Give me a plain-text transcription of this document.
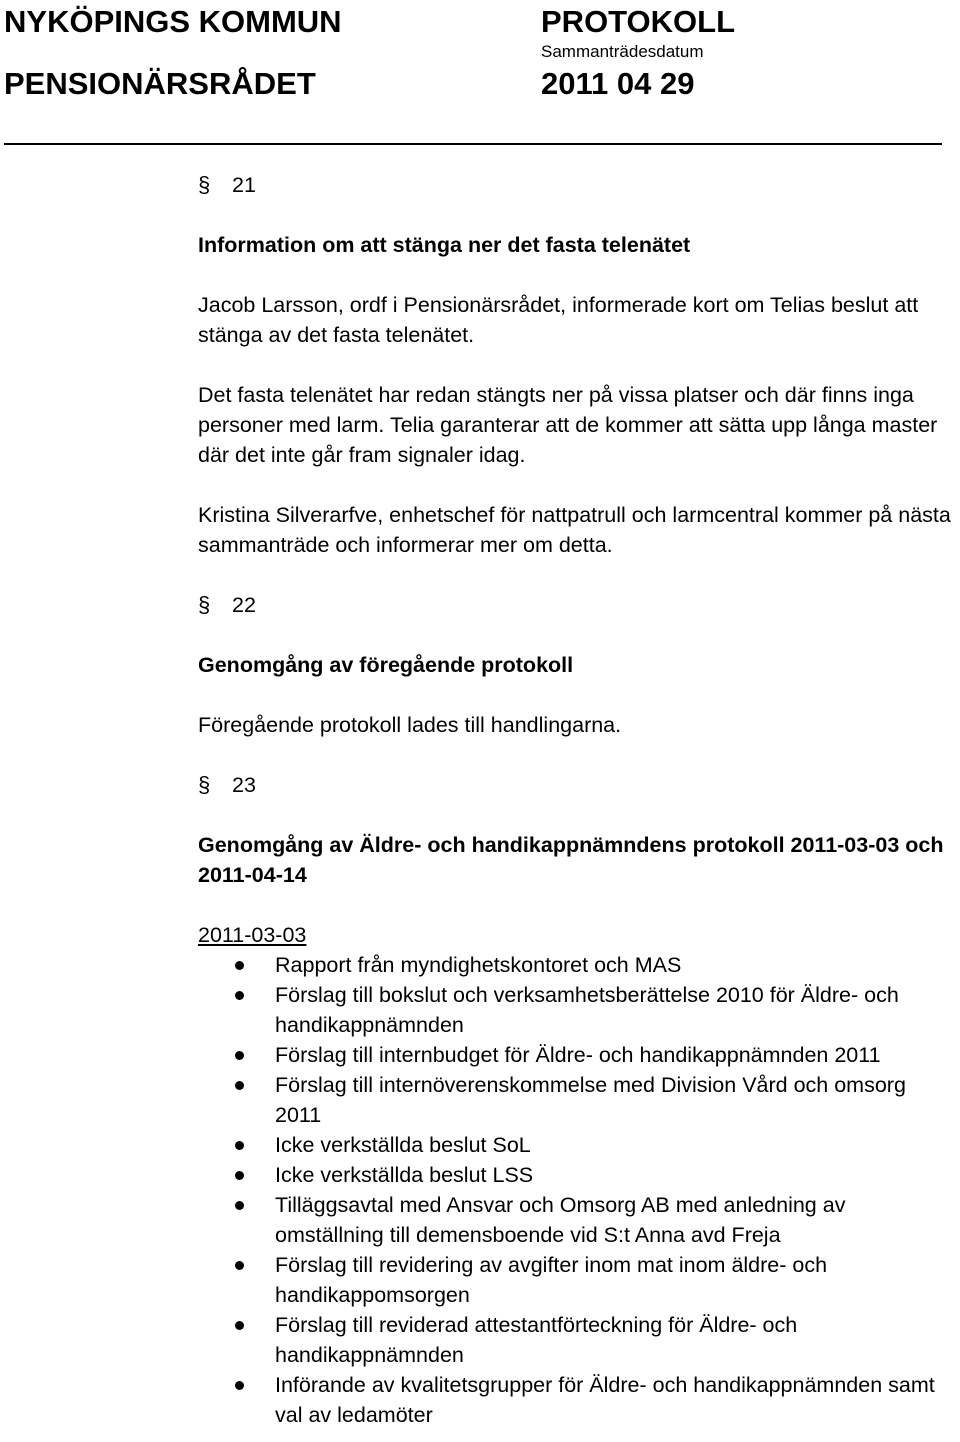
NYKÖPINGS KOMMUN
PENSIONÄRSRÅDET
PROTOKOLL
Sammanträdesdatum
2011 04 29
§	21

Information om att stänga ner det fasta telenätet

Jacob Larsson, ordf i Pensionärsrådet, informerade kort om Telias beslut att stänga av det fasta telenätet.

Det fasta telenätet har redan stängts ner på vissa platser och där finns inga personer med larm. Telia garanterar att de kommer att sätta upp långa master där det inte går fram signaler idag.

Kristina Silverarfve, enhetschef för nattpatrull och larmcentral kommer på nästa sammanträde och informerar mer om detta.

§	22

Genomgång av föregående protokoll

Föregående protokoll lades till handlingarna.

§	23

Genomgång av Äldre- och handikappnämndens protokoll 2011-03-03 och 2011-04-14

2011-03-03

Rapport från myndighetskontoret och MAS
Förslag till bokslut och verksamhetsberättelse 2010 för Äldre- och handikappnämnden
Förslag till internbudget för Äldre- och handikappnämnden 2011
Förslag till internöverenskommelse med Division Vård och omsorg 2011
Icke verkställda beslut SoL
Icke verkställda beslut LSS
Tilläggsavtal med Ansvar och Omsorg AB med anledning av omställning till demensboende vid S:t Anna avd Freja
Förslag till revidering av avgifter inom mat inom äldre- och handikappomsorgen
Förslag till reviderad attestantförteckning för Äldre- och handikappnämnden
Införande av kvalitetsgrupper för Äldre- och handikappnämnden samt val av ledamöter
